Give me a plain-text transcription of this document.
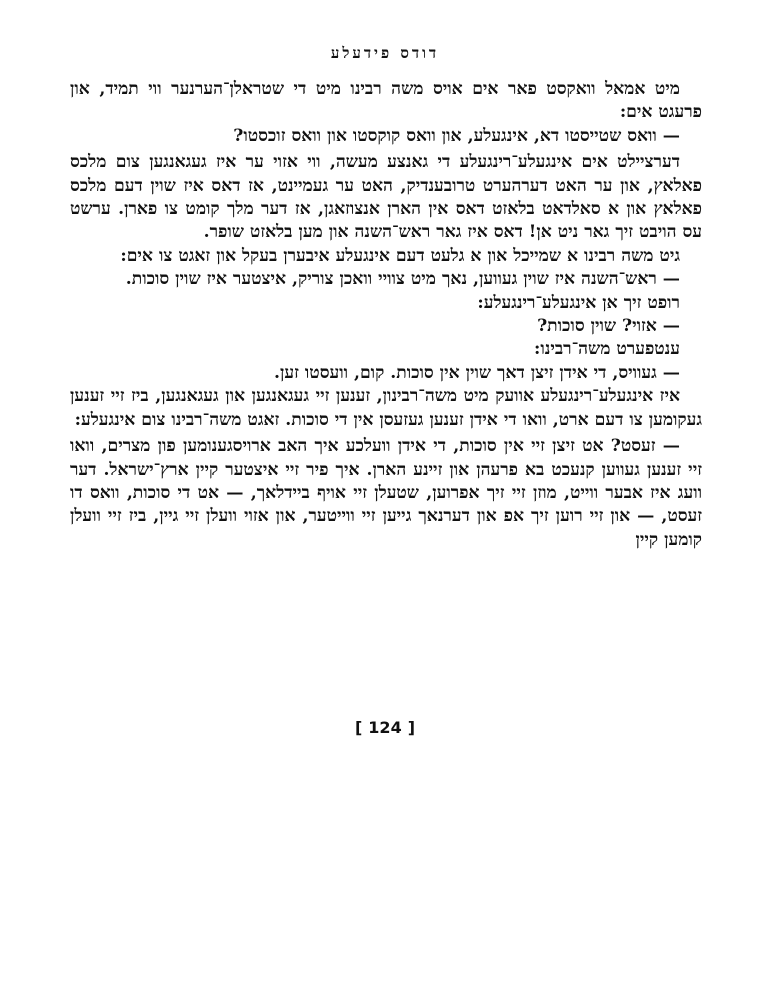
דודס פידעלע

מיט אמאל וואקסט פאר אים אויס משה רבינו מיט די שטראלן־הערנער ווי תמיד, און פרעגט אים:

— וואס שטייסטו דא, אינגעלע, און וואס קוקסטו און וואס זוכסטו?

דערציילט אים אינגעלע־רינגעלע די גאנצע מעשה, ווי אזוי ער איז געגאנגען צום מלכס פאלאץ, און ער האט דערהערט טרובענדיק, האט ער געמיינט, אז דאס איז שוין דעם מלכס פאלאץ און א סאלדאט בלאזט דאס אין הארן אנצוזאגן, אז דער מלך קומט צו פארן. ערשט עס הויבט זיך גאר ניט אן! דאס איז גאר ראש־השנה און מען בלאזט שופר.

גיט משה רבינו א שמייכל און א גלעט דעם אינגעלע איבערן בעקל און זאגט צו אים:

— ראש־השנה איז שוין געווען, נאך מיט צוויי וואכן צוריק, איצטער איז שוין סוכות.

רופט זיך אן אינגעלע־רינגעלע:

— אזוי? שוין סוכות?

ענטפערט משה־רבינו:

— געוויס, די אידן זיצן דאך שוין אין סוכות. קום, וועסטו זען.

איז אינגעלע־רינגעלע אוועק מיט משה־רבינון, זענען זיי געגאנגען און געגאנגען, ביז זיי זענען געקומען צו דעם ארט, וואו די אידן זענען געזעסן אין די סוכות. זאגט משה־רבינו צום אינגעלע:

— זעסט? אט זיצן זיי אין סוכות, די אידן וועלכע איך האב ארויסגענומען פון מצרים, וואו זיי זענען געווען קנעכט בא פרעהן און זיינע הארן. איך פיר זיי איצטער קיין ארץ־ישראל. דער וועג איז אבער ווייט, מוזן זיי זיך אפרוען, שטעלן זיי אויף ביידלאך, — אט די סוכות, וואס דו זעסט, — און זיי רוען זיך אפ און דערנאך גייען זיי ווייטער, און אזוי וועלן זיי גיין, ביז זיי וועלן קומען קיין

[ 124 ]
